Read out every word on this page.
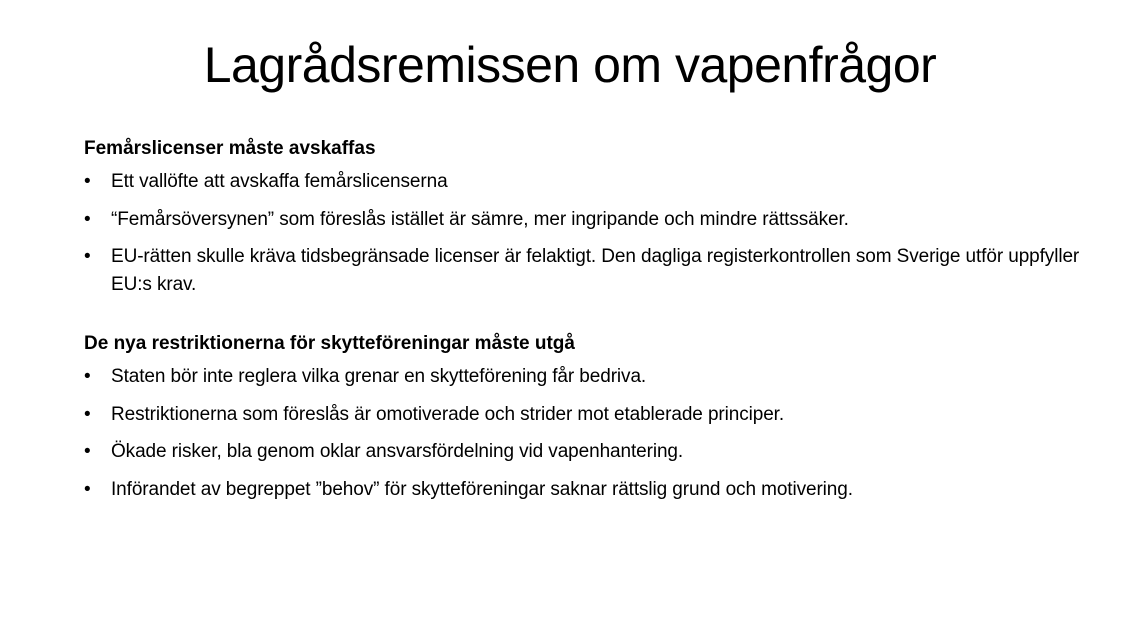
Lagrådsremissen om vapenfrågor
Femårslicenser måste avskaffas
• Ett vallöfte att avskaffa femårslicenserna
• “Femårsöversynen” som föreslås istället är sämre, mer ingripande och mindre rättssäker.
• EU-rätten skulle kräva tidsbegränsade licenser är felaktigt. Den dagliga registerkontrollen som Sverige utför uppfyller EU:s krav.
De nya restriktionerna för skytteföreningar måste utgå
• Staten bör inte reglera vilka grenar en skytteförening får bedriva.
• Restriktionerna som föreslås är omotiverade och strider mot etablerade principer.
• Ökade risker, bla genom oklar ansvarsfördelning vid vapenhantering.
• Införandet av begreppet ”behov” för skytteföreningar saknar rättslig grund och motivering.
